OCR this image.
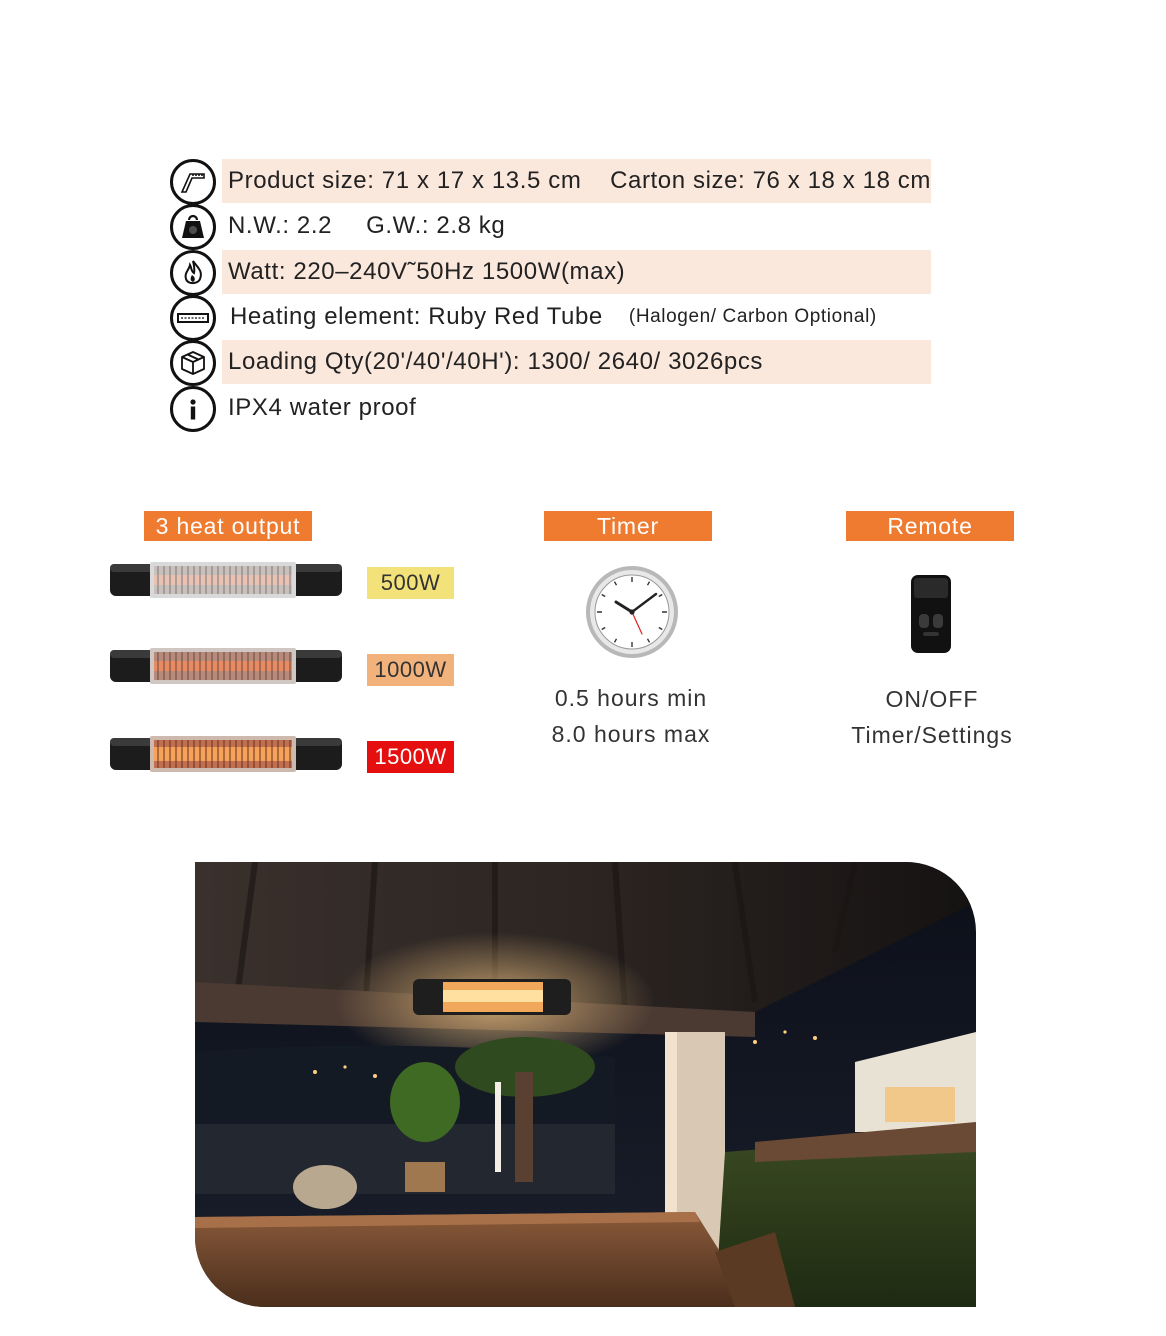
Product size: 71 x 17 x 13.5 cm Carton size: 76 x 18 x 18 cm
N.W.: 2.2 G.W.: 2.8 kg
Watt: 220–240V˜50Hz 1500W(max)
Heating element: Ruby Red Tube (Halogen/ Carbon Optional)
Loading Qty(20'/40'/40H'): 1300/ 2640/ 3026pcs
IPX4 water proof
3 heat output
500W
1000W
1500W
Timer
0.5 hours min
8.0 hours max
Remote
ON/OFF
Timer/Settings
